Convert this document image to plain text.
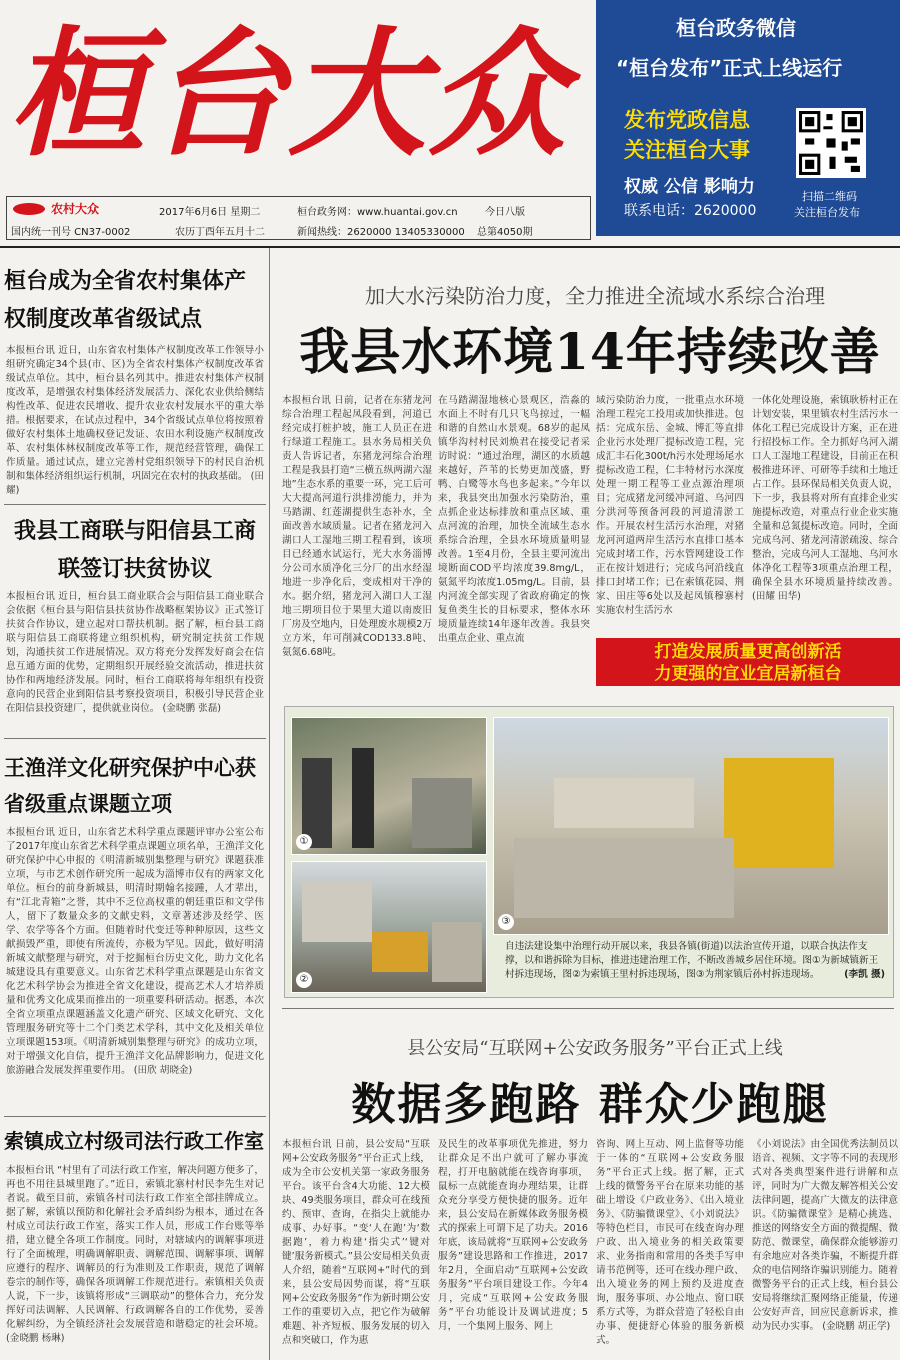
桓台大众
农村大众
国内统一刊号 CN37-0002
2017年6月6日 星期二
农历丁酉年五月十二
桓台政务网：www.huantai.gov.cn
新闻热线：2620000 13405330000
今日八版
总第4050期
桓台政务微信
“桓台发布”正式上线运行
发布党政信息
关注桓台大事
权威 公信 影响力
联系电话：2620000
扫描二维码
关注桓台发布
桓台成为全省农村集体产权制度改革省级试点
本报桓台讯 近日，山东省农村集体产权制度改革工作领导小组研究确定34个县(市、区)为全省农村集体产权制度改革省级试点单位。其中，桓台县名列其中。推进农村集体产权制度改革，是增强农村集体经济发展活力、深化农业供给侧结构性改革、促进农民增收、提升农业农村发展水平的重大举措。根据要求，在试点过程中，34个省级试点单位将按照着做好农村集体土地确权登记发证、农田水利设施产权制度改革、农村集体林权制度改革等工作，规范经营管理，确保工作质量。通过试点，建立完善村党组织领导下的村民自治机制和集体经济组织运行机制，巩固完在农村的执政基础。 (田耀)
我县工商联与阳信县工商联签订扶贫协议
本报桓台讯 近日，桓台县工商业联合会与阳信县工商业联合会依据《桓台县与阳信县扶贫协作战略框架协议》正式签订扶贫合作协议，建立起对口帮扶机制。据了解，桓台县工商联与阳信县工商联将建立组织机构，研究制定扶贫工作规划，沟通扶贫工作进展情况。双方将充分发挥发好商会在信息互通方面的优势，定期组织开展经验交流活动，推进扶贫协作和两地经济发展。同时，桓台工商联将每年组织有投资意向的民营企业到阳信县考察投资项目，积极引导民营企业在阳信县投资建厂，提供就业岗位。 (金晓鹏 张磊)
王渔洋文化研究保护中心获省级重点课题立项
本报桓台讯 近日，山东省艺术科学重点课题评审办公室公布了2017年度山东省艺术科学重点课题立项名单，王渔洋文化研究保护中心申报的《明清新城别集整理与研究》课题获准立项，与市艺术创作研究所一起成为淄博市仅有的两家文化单位。桓台的前身新城县，明清时期翰名接踵，人才辈出，有“江北青箱”之誉，其中不乏位高权重的朝廷重臣和文学伟人，留下了数量众多的文献史料，文章著述涉及经学、医学、农学等各个方面。但随着时代变迁等种种原因，这些文献损毁严重，即使有所流传，亦极为罕见。因此，做好明清新城文献整理与研究，对于挖掘桓台历史文化，助力文化名城建设具有重要意义。山东省艺术科学重点课题是山东省文化艺术科学协会为推进全省文化建设，提高艺术人才培养质量和优秀文化成果而推出的一项重要科研活动。据悉，本次全省立项重点课题涵盖文化遗产研究、区域文化研究、文化管理服务研究等十二个门类艺术学科，其中文化及相关单位立项课题153项。《明清新城别集整理与研究》的成功立项，对于增强文化自信，提升王渔洋文化品牌影响力，促进文化旅游融合发展发挥重要作用。 (田欣 胡晓金)
索镇成立村级司法行政工作室
本报桓台讯 “村里有了司法行政工作室，解决问题方便多了，再也不用往县城里跑了。”近日，索镇北寨村村民李先生对记者说。截至目前，索镇各村司法行政工作室全部挂牌成立。据了解，索镇以预防和化解社会矛盾纠纷为根本，通过在各村成立司法行政工作室，落实工作人员，形成工作台账等举措，建立健全各项工作制度。同时，对辖域内的调解事项进行了全面梳理，明确调解职责、调解范围、调解事项、调解应遵行的程序、调解员的行为准则及工作职责，规范了调解卷宗的制作等，确保各项调解工作规范进行。索镇相关负责人说，下一步，该镇将形成“三调联动”的整体合力，充分发挥好司法调解、人民调解、行政调解各自的工作优势，妥善化解纠纷，为全镇经济社会发展营造和谐稳定的社会环境。 (金晓鹏 杨琳)
加大水污染防治力度，全力推进全流域水系综合治理
我县水环境14年持续改善
本报桓台讯 日前，记者在东猪龙河综合治理工程起凤段看到，河道已经完成打桩护坡，施工人员正在进行绿道工程施工。县水务局相关负责人告诉记者，东猪龙河综合治理工程是我县打造“三横五纵两湖六湿地”生态水系的重要一环，完工后可大大提高河道行洪排涝能力，并为马踏湖、红莲湖提供生态补水，全面改善水域质量。记者在猪龙河入湖口人工湿地三期工程看到，该项目已经通水试运行，光大水务淄博分公司水质净化三分厂的出水经湿地进一步净化后，变成相对干净的水。据介绍，猪龙河入湖口人工湿地三期项目位于果里大道以南废旧厂房及空地内，日处理废水规模2万立方米，年可削减COD133.8吨、氨氮6.68吨。
在马踏湖湿地核心景观区，浩淼的水面上不时有几只飞鸟掠过，一幅和谐的自然山水景观。68岁的起凤镇华沟村村民刘焕君在接受记者采访时说：“通过治理，湖区的水质越来越好，芦苇的长势更加茂盛，野鸭、白鹭等水鸟也多起来。”今年以来，我县突出加强水污染防治，重点抓企业达标排放和重点区域、重点河流的治理，加快全流域生态水系综合治理，全县水环境质量明显改善。1至4月份，全县主要河流出境断面COD平均浓度39.8mg/L，氨氮平均浓度1.05mg/L。目前，县内河流全部实现了省政府确定的恢复鱼类生长的目标要求，整体水环境质量连续14年逐年改善。我县突出重点企业、重点流
域污染防治力度，一批重点水环境治理工程完工投用或加快推进。包括：完成东岳、金城、博汇等直排企业污水处理厂提标改造工程，完成汇丰石化300t/h污水处理场尾水提标改造工程，仁丰特材污水深度处理一期工程等工业点源治理项目；完成猪龙河缓冲河道、乌河四分洪河等预备河段的河道清淤工作。开展农村生活污水治理，对猪龙河河道两岸生活污水直排口基本完成封堵工作，污水管网建设工作正在按计划进行；完成乌河沿线直排口封堵工作；已在索镇花园、荆家、田庄等6处以及起凤镇穆寨村实施农村生活污水
一体化处理设施，索镇耿桥村正在计划安装，果里镇农村生活污水一体化工程已完成设计方案，正在进行招投标工作。全力抓好乌河入湖口人工湿地工程建设，目前正在积极推进环评、可研等手续和土地迁占工作。县环保局相关负责人说，下一步，我县将对所有直排企业实施提标改造，对重点行业企业实施全量和总氮提标改造。同时，全面完成乌河、猪龙河清淤疏浚、综合整治，完成乌河人工湿地、乌河水体净化工程等3项重点治理工程，确保全县水环境质量持续改善。 (田耀 田华)
打造发展质量更高创新活
力更强的宜业宜居新桓台
①
②
③
自违法建设集中治理行动开展以来，我县各镇(街道)以法治宣传开道，以联合执法作支撑，以和谐拆除为目标，推进违建治理工作，不断改善城乡居住环境。图①为新城镇新王村拆违现场，图②为索镇王里村拆违现场，图③为荆家镇后孙村拆违现场。	(李凯 摄)
县公安局“互联网+公安政务服务”平台正式上线
数据多跑路 群众少跑腿
本报桓台讯 日前，县公安局“互联网+公安政务服务”平台正式上线，成为全市公安机关第一家政务服务平台。该平台含4大功能、12大模块、49类服务项目，群众可在线预约、预审、查询，在指尖上就能办成事、办好事。“变‘人在跑’为‘数据跑’，着力构建‘指尖式’‘键对键’服务新模式。”县公安局相关负责人介绍，随着“互联网+”时代的到来，县公安局因势而谋，将“互联网+公安政务服务”作为新时期公安工作的重要切入点，把它作为破解难题、补齐短板、服务发展的切入点和突破口，作为惠
及民生的改革事项优先推进，努力让群众足不出户就可了解办事流程，打开电脑就能在线咨询事项，鼠标一点就能查询办理结果，让群众充分享受方便快捷的服务。近年来，县公安局在新媒体政务服务模式的探索上可谓下足了功夫。2016年底，该局就将“互联网+公安政务服务”建设思路和工作推进，2017年2月，全面启动“互联网+公安政务服务”平台项目建设工作。今年4月，完成“互联网+公安政务服务”平台功能设计及调试进度；5月，一个集网上服务、网上
咨询、网上互动、网上监督等功能于一体的“互联网+公安政务服务”平台正式上线。据了解，正式上线的微警务平台在原来功能的基础上增设《户政业务》、《出入境业务》、《防骗微课堂》、《小刘说法》等特色栏目，市民可在线查询办理户政、出入境业务的相关政策要求、业务指南和常用的各类手写申请书范例等，还可在线办理户政、出入境业务的网上预约及进度查询，服务事项、办公地点、窗口联系方式等，为群众营造了轻松自由办事、便捷舒心体验的服务新模式。
《小刘说法》由全国优秀法制员以语音、视频、文字等不同的表现形式对各类典型案件进行讲解和点评，同时为广大微友解答相关公安法律问题，提高广大微友的法律意识。《防骗微课堂》是精心挑选、推送的网络安全方面的微提醒、微防范、微课堂，确保群众能够游刃有余地应对各类诈骗，不断提升群众的电信网络诈骗识别能力。随着微警务平台的正式上线，桓台县公安局将继续汇聚网络正能量，传递公安好声音，回应民意新诉求，推动为民办实事。 (金晓鹏 胡正学)
